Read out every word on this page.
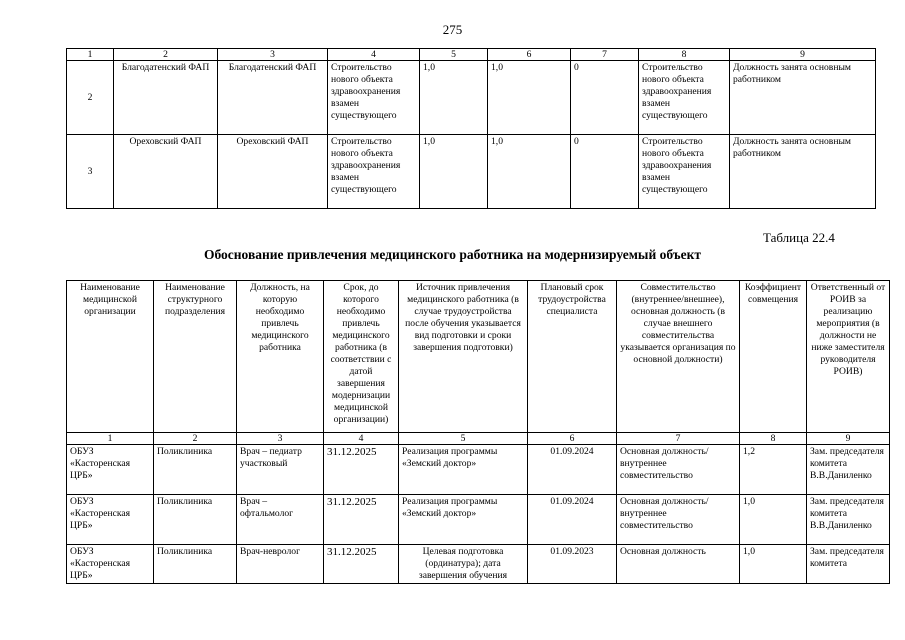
275
1	2	3	4	5	6	7	8	9
2	Благодатенский ФАП	Благодатенский ФАП	Строительство нового объекта здравоохранения взамен существующего	1,0	1,0	0	Строительство нового объекта здравоохранения взамен существующего	Должность занята основным работником
3	Ореховский ФАП	Ореховский ФАП	Строительство нового объекта здравоохранения взамен существующего	1,0	1,0	0	Строительство нового объекта здравоохранения взамен существующего	Должность занята основным работником
Таблица 22.4
Обоснование привлечения медицинского работника на модернизируемый объект
Наименование медицинской организации	Наименование структурного подразделения	Должность, на которую необходимо привлечь медицинского работника	Срок, до которого необходимо привлечь медицинского работника (в соответствии с датой завершения модернизации медицинской организации)	Источник привлечения медицинского работника (в случае трудоустройства после обучения указывается вид подготовки и сроки завершения подготовки)	Плановый срок трудоустройства специалиста	Совместительство (внутреннее/внешнее), основная должность (в случае внешнего совместительства указывается организация по основной должности)	Коэффициент совмещения	Ответственный от РОИВ за реализацию мероприятия (в должности не ниже заместителя руководителя РОИВ)
1	2	3	4	5	6	7	8	9
ОБУЗ «Касторенская ЦРБ»	Поликлиника	Врач – педиатр участковый	31.12.2025	Реализация программы «Земский доктор»	01.09.2024	Основная должность/внутреннее совместительство	1,2	Зам. председателя комитета В.В.Даниленко
ОБУЗ «Касторенская ЦРБ»	Поликлиника	Врач – офтальмолог	31.12.2025	Реализация программы «Земский доктор»	01.09.2024	Основная должность/внутреннее совместительство	1,0	Зам. председателя комитета В.В.Даниленко
ОБУЗ «Касторенская ЦРБ»	Поликлиника	Врач-невролог	31.12.2025	Целевая подготовка (ординатура); дата завершения обучения	01.09.2023	Основная должность	1,0	Зам. председателя комитета
